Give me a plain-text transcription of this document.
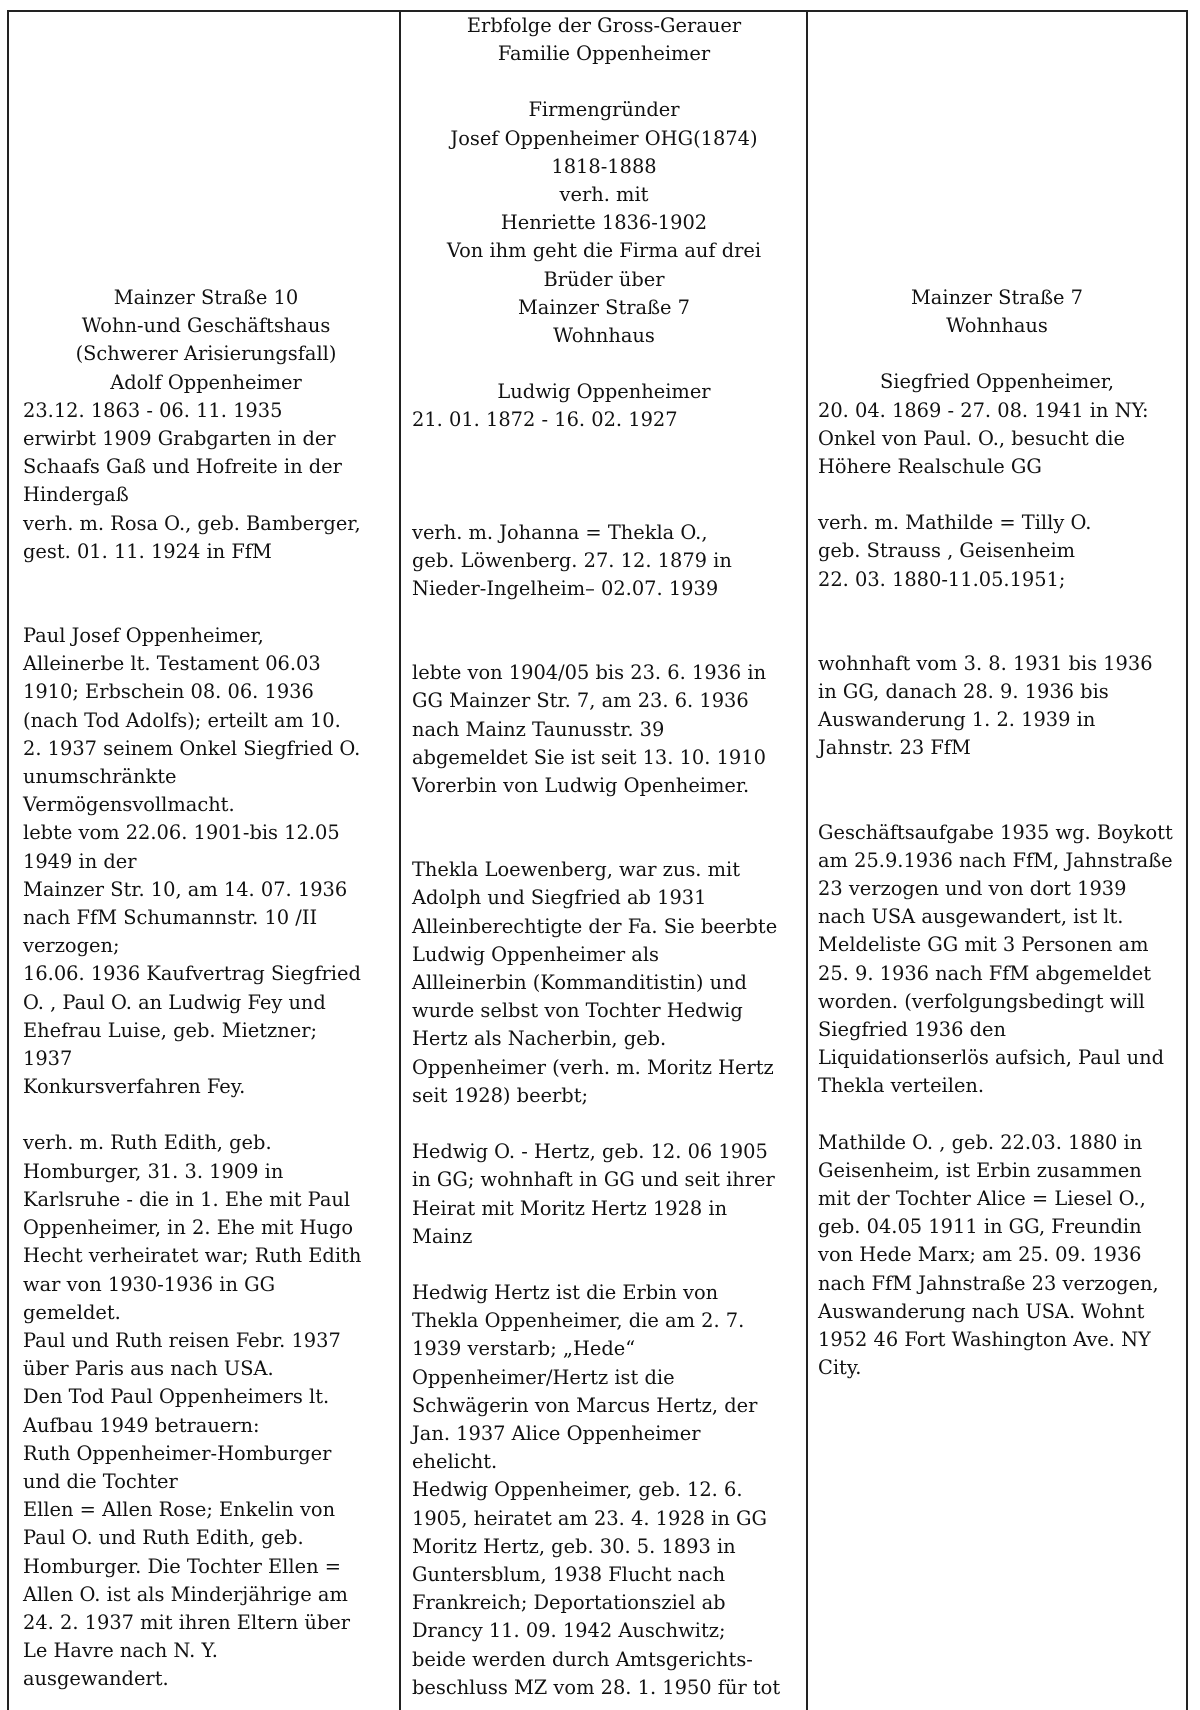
Mainzer Straße 10
Wohn-und Geschäftshaus
(Schwerer Arisierungsfall)

Adolf Oppenheimer

23.12. 1863 - 06. 11. 1935

erwirbt 1909 Grabgarten in der
Schaafs Gaß und Hofreite in der
Hindergaß

verh. m. Rosa O., geb. Bamberger,
gest. 01. 11. 1924 in FfM

Paul Josef Oppenheimer,
Alleinerbe lt. Testament 06.03
1910; Erbschein 08. 06. 1936
(nach Tod Adolfs); erteilt am 10.
2. 1937 seinem Onkel Siegfried O.
unumschränkte
Vermögensvollmacht.
lebte vom 22.06. 1901-bis 12.05
1949 in der
Mainzer Str. 10, am 14. 07. 1936
nach FfM Schumannstr. 10 /II
verzogen;
16.06. 1936 Kaufvertrag Siegfried
O. , Paul O. an Ludwig Fey und
Ehefrau Luise, geb. Mietzner;
1937
Konkursverfahren Fey.

verh. m. Ruth Edith, geb.
Homburger, 31. 3. 1909 in
Karlsruhe - die in 1. Ehe mit Paul
Oppenheimer, in 2. Ehe mit Hugo
Hecht verheiratet war; Ruth Edith
war von 1930-1936 in GG
gemeldet.
Paul und Ruth reisen Febr. 1937
über Paris aus nach USA.
Den Tod Paul Oppenheimers lt.
Aufbau 1949 betrauern:
Ruth Oppenheimer-Homburger
und die Tochter
Ellen = Allen Rose; Enkelin von
Paul O. und Ruth Edith, geb.
Homburger. Die Tochter Ellen =
Allen O. ist als Minderjährige am
24. 2. 1937 mit ihren Eltern über
Le Havre nach N. Y.
ausgewandert.

Erbfolge der Gross-Gerauer

Familie Oppenheimer

Firmengründer
Josef Oppenheimer OHG(1874)
1818-1888
verh. mit
Henriette 1836-1902
Von ihm geht die Firma auf drei
Brüder über

Mainzer Straße 7
Wohnhaus

Ludwig Oppenheimer

21. 01. 1872 - 16. 02. 1927

verh. m. Johanna = Thekla O.,
geb. Löwenberg. 27. 12. 1879 in
Nieder-Ingelheim– 02.07. 1939

lebte von 1904/05 bis 23. 6. 1936 in
GG Mainzer Str. 7, am 23. 6. 1936
nach Mainz Taunusstr. 39
abgemeldet Sie ist seit 13. 10. 1910
Vorerbin von Ludwig Openheimer.

Thekla Loewenberg, war zus. mit
Adolph und Siegfried ab 1931
Alleinberechtigte der Fa. Sie beerbte
Ludwig Oppenheimer als
Allleinerbin (Kommanditistin) und
wurde selbst von Tochter Hedwig
Hertz als Nacherbin, geb.
Oppenheimer (verh. m. Moritz Hertz
seit 1928) beerbt;

Hedwig O. - Hertz, geb. 12. 06 1905
in GG; wohnhaft in GG und seit ihrer
Heirat mit Moritz Hertz 1928 in
Mainz

Hedwig Hertz ist die Erbin von
Thekla Oppenheimer, die am 2. 7.
1939 verstarb; „Hede“
Oppenheimer/Hertz ist die
Schwägerin von Marcus Hertz, der
Jan. 1937 Alice Oppenheimer
ehelicht.
Hedwig Oppenheimer, geb. 12. 6.
1905, heiratet am 23. 4. 1928 in GG
Moritz Hertz, geb. 30. 5. 1893 in
Guntersblum, 1938 Flucht nach
Frankreich; Deportationsziel ab
Drancy 11. 09. 1942 Auschwitz;
beide werden durch Amtsgerichts-
beschluss MZ vom 28. 1. 1950 für tot

Mainzer Straße 7
Wohnhaus

Siegfried Oppenheimer,

20. 04. 1869 - 27. 08. 1941 in NY:
Onkel von Paul. O., besucht die
Höhere Realschule GG

verh. m. Mathilde = Tilly O.
geb. Strauss , Geisenheim
22. 03. 1880-11.05.1951;

wohnhaft vom 3. 8. 1931 bis 1936
in GG, danach 28. 9. 1936 bis
Auswanderung 1. 2. 1939 in
Jahnstr. 23 FfM

Geschäftsaufgabe 1935 wg. Boykott
am 25.9.1936 nach FfM, Jahnstraße
23 verzogen und von dort 1939
nach USA ausgewandert, ist lt.
Meldeliste GG mit 3 Personen am
25. 9. 1936 nach FfM abgemeldet
worden. (verfolgungsbedingt will
Siegfried 1936 den
Liquidationserlös aufsich, Paul und
Thekla verteilen.

Mathilde O. , geb. 22.03. 1880 in
Geisenheim, ist Erbin zusammen
mit der Tochter Alice = Liesel O.,
geb. 04.05 1911 in GG, Freundin
von Hede Marx; am 25. 09. 1936
nach FfM Jahnstraße 23 verzogen,
Auswanderung nach USA. Wohnt
1952 46 Fort Washington Ave. NY
City.
